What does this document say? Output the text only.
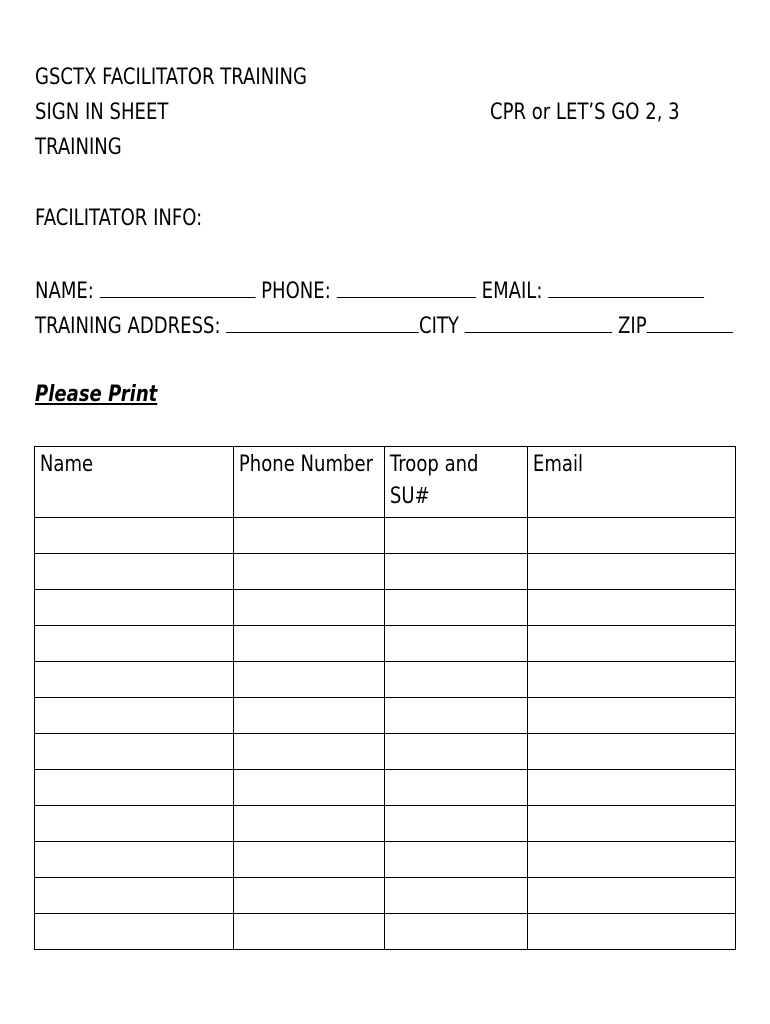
GSCTX FACILITATOR TRAINING
SIGN IN SHEET	CPR or LET’S GO 2, 3
TRAINING
FACILITATOR INFO:
NAME:	PHONE:	EMAIL:
TRAINING ADDRESS:	CITY	ZIP
Please Print
Name	Phone Number	Troop and SU#	Email
